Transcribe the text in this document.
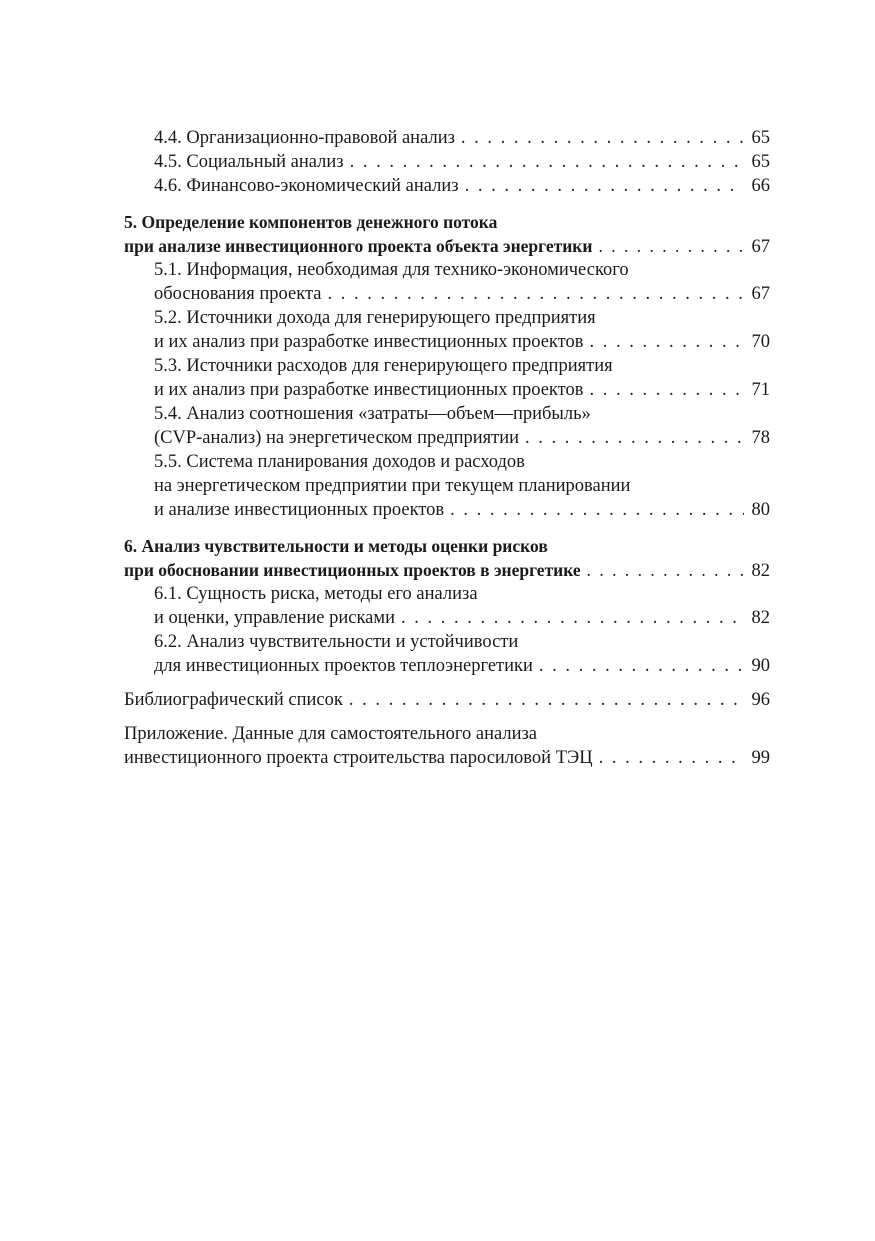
4.4. Организационно-правовой анализ . . .	65
4.5. Социальный анализ . . .	65
4.6. Финансово-экономический анализ . . .	66
5. Определение компонентов денежного потока
при анализе инвестиционного проекта объекта энергетики . . .	67
5.1. Информация, необходимая для технико-экономического
обоснования проекта . . .	67
5.2. Источники дохода для генерирующего предприятия
и их анализ при разработке инвестиционных проектов . . .	70
5.3. Источники расходов для генерирующего предприятия
и их анализ при разработке инвестиционных проектов . . .	71
5.4. Анализ соотношения «затраты—объем—прибыль»
(CVP-анализ) на энергетическом предприятии . . .	78
5.5. Система планирования доходов и расходов
на энергетическом предприятии при текущем планировании
и анализе инвестиционных проектов . . .	80
6. Анализ чувствительности и методы оценки рисков
при обосновании инвестиционных проектов в энергетике . . .	82
6.1. Сущность риска, методы его анализа
и оценки, управление рисками . . .	82
6.2. Анализ чувствительности и устойчивости
для инвестиционных проектов теплоэнергетики . . .	90
Библиографический список . . .	96
Приложение. Данные для самостоятельного анализа
инвестиционного проекта строительства паросиловой ТЭЦ . . .	99
